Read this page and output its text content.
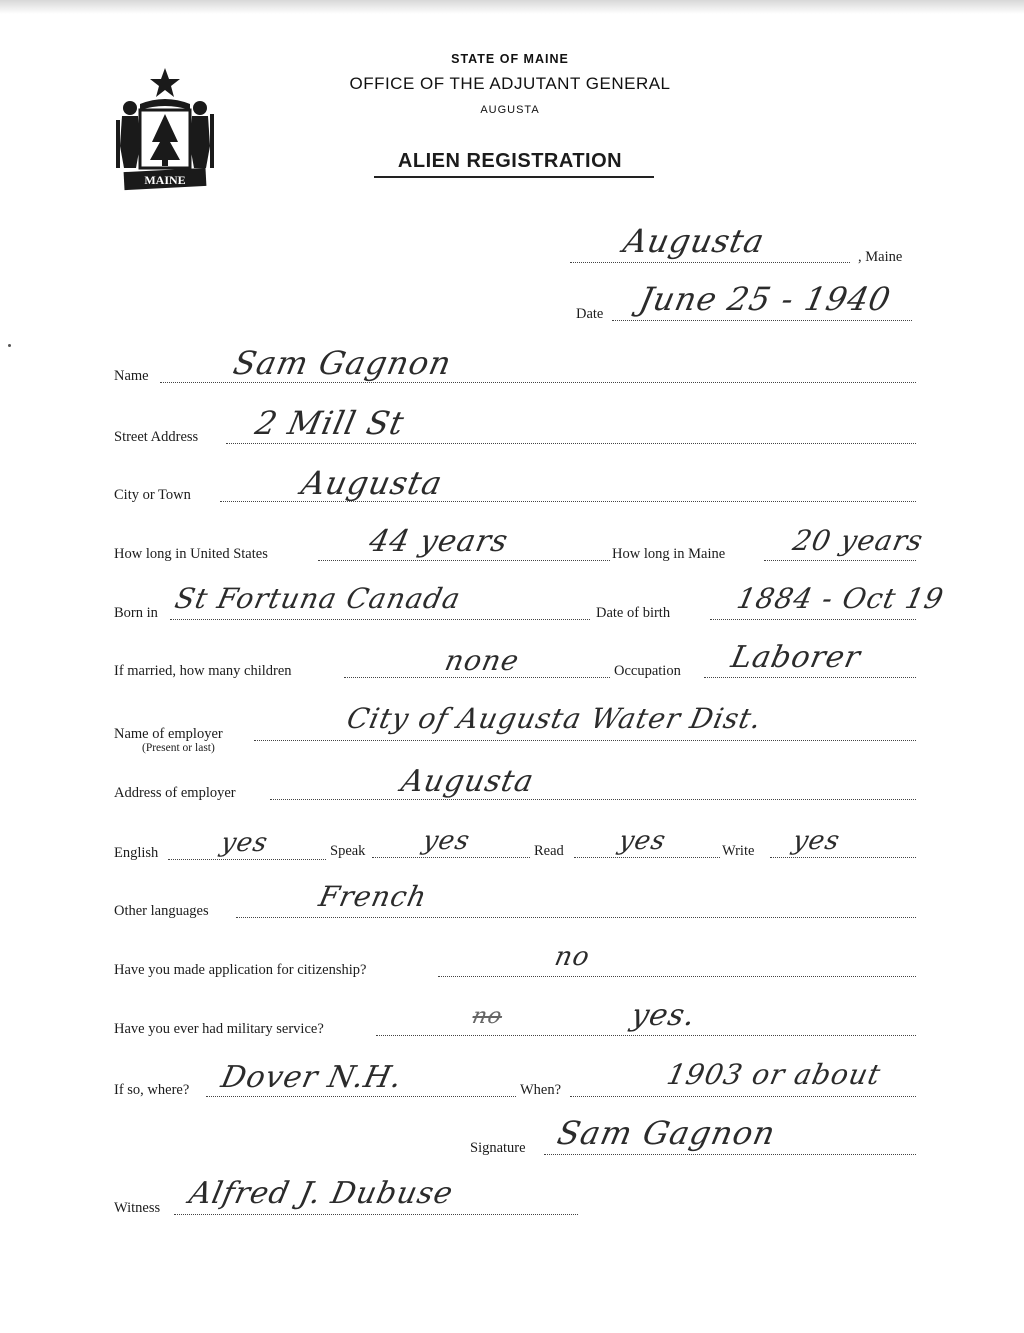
MAINE
STATE OF MAINE
OFFICE OF THE ADJUTANT GENERAL
AUGUSTA
ALIEN REGISTRATION
Augusta	, Maine
Date June 25 - 1940
Name	Sam Gagnon
Street Address 2 Mill St
City or Town	Augusta
How long in United States	44 years	How long in Maine 20 years
Born in St Fortuna Canada	Date of birth 1884 - Oct 19
If married, how many children	none	Occupation Laborer
Name of employer
(Present or last)
City of Augusta Water Dist.
Address of employer	Augusta
English yes	Speak yes	Read yes	Write yes
Other languages	French
Have you made application for citizenship?	no
Have you ever had military service?	no	yes.
If so, where? Dover N.H.	When?	1903 or about
Signature Sam Gagnon
Witness Alfred J. Dubuse
